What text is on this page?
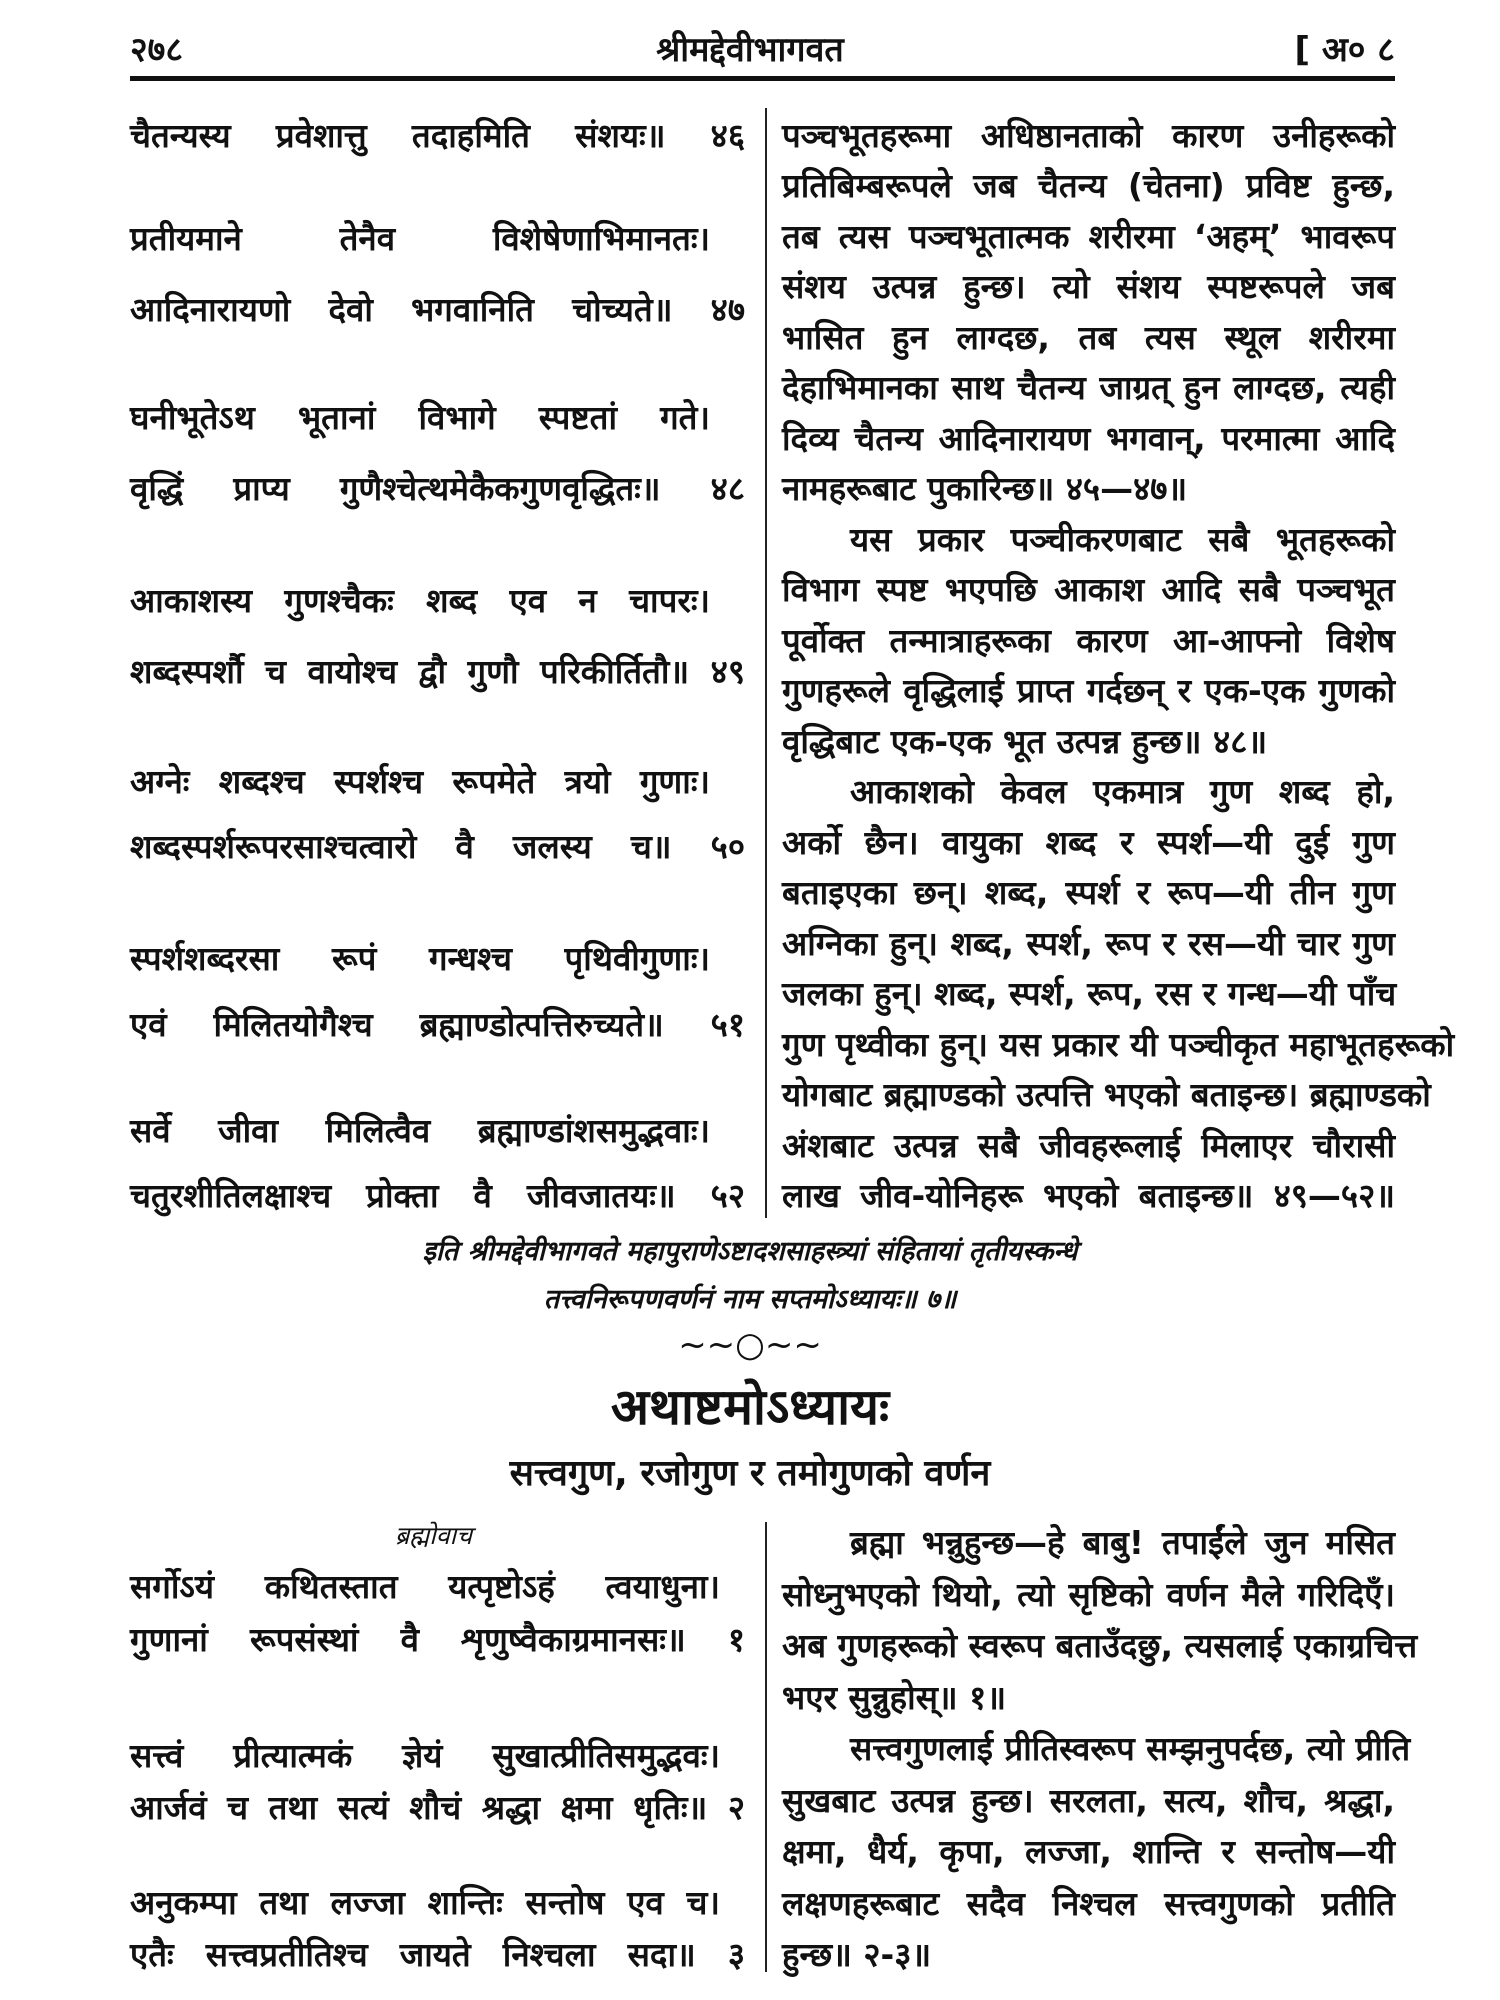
२७८	श्रीमद्देवीभागवत	[ अ० ८
चैतन्यस्य प्रवेशात्तु तदाहमिति संशयः॥ ४६
प्रतीयमाने तेनैव विशेषेणाभिमानतः।
आदिनारायणो देवो भगवानिति चोच्यते॥ ४७
घनीभूतेऽथ भूतानां विभागे स्पष्टतां गते।
वृद्धिं प्राप्य गुणैश्चेत्थमेकैकगुणवृद्धितः॥ ४८
आकाशस्य गुणश्चैकः शब्द एव न चापरः।
शब्दस्पर्शौ च वायोश्च द्वौ गुणौ परिकीर्तितौ॥ ४९
अग्नेः शब्दश्च स्पर्शश्च रूपमेते त्रयो गुणाः।
शब्दस्पर्शरूपरसाश्चत्वारो वै जलस्य च॥ ५०
स्पर्शशब्दरसा रूपं गन्धश्च पृथिवीगुणाः।
एवं मिलितयोगैश्च ब्रह्माण्डोत्पत्तिरुच्यते॥ ५१
सर्वे जीवा मिलित्वैव ब्रह्माण्डांशसमुद्भवाः।
चतुरशीतिलक्षाश्च प्रोक्ता वै जीवजातयः॥ ५२
पञ्चभूतहरूमा अधिष्ठानताको कारण उनीहरूको
प्रतिबिम्बरूपले जब चैतन्य (चेतना) प्रविष्ट हुन्छ,
तब त्यस पञ्चभूतात्मक शरीरमा ‘अहम्’ भावरूप
संशय उत्पन्न हुन्छ। त्यो संशय स्पष्टरूपले जब
भासित हुन लाग्दछ, तब त्यस स्थूल शरीरमा
देहाभिमानका साथ चैतन्य जाग्रत् हुन लाग्दछ, त्यही
दिव्य चैतन्य आदिनारायण भगवान्, परमात्मा आदि
नामहरूबाट पुकारिन्छ॥ ४५—४७॥
यस प्रकार पञ्चीकरणबाट सबै भूतहरूको
विभाग स्पष्ट भएपछि आकाश आदि सबै पञ्चभूत
पूर्वोक्त तन्मात्राहरूका कारण आ-आफ्नो विशेष
गुणहरूले वृद्धिलाई प्राप्त गर्दछन् र एक-एक गुणको
वृद्धिबाट एक-एक भूत उत्पन्न हुन्छ॥ ४८॥
आकाशको केवल एकमात्र गुण शब्द हो,
अर्को छैन। वायुका शब्द र स्पर्श—यी दुई गुण
बताइएका छन्। शब्द, स्पर्श र रूप—यी तीन गुण
अग्निका हुन्। शब्द, स्पर्श, रूप र रस—यी चार गुण
जलका हुन्। शब्द, स्पर्श, रूप, रस र गन्ध—यी पाँच
गुण पृथ्वीका हुन्। यस प्रकार यी पञ्चीकृत महाभूतहरूको
योगबाट ब्रह्माण्डको उत्पत्ति भएको बताइन्छ। ब्रह्माण्डको
अंशबाट उत्पन्न सबै जीवहरूलाई मिलाएर चौरासी
लाख जीव-योनिहरू भएको बताइन्छ॥ ४९—५२॥
इति श्रीमद्देवीभागवते महापुराणेऽष्टादशसाहस्त्र्यां संहितायां तृतीयस्कन्धे
तत्त्वनिरूपणवर्णनं नाम सप्तमोऽध्यायः॥ ७॥
~~○~~
अथाष्टमोऽध्यायः
सत्त्वगुण, रजोगुण र तमोगुणको वर्णन
ब्रह्मोवाच
सर्गोऽयं कथितस्तात यत्पृष्टोऽहं त्वयाधुना।
गुणानां रूपसंस्थां वै शृणुष्वैकाग्रमानसः॥ १
सत्त्वं प्रीत्यात्मकं ज्ञेयं सुखात्प्रीतिसमुद्भवः।
आर्जवं च तथा सत्यं शौचं श्रद्धा क्षमा धृतिः॥ २
अनुकम्पा तथा लज्जा शान्तिः सन्तोष एव च।
एतैः सत्त्वप्रतीतिश्च जायते निश्चला सदा॥ ३
ब्रह्मा भन्नुहुन्छ—हे बाबु! तपाईंले जुन मसित
सोध्नुभएको थियो, त्यो सृष्टिको वर्णन मैले गरिदिएँ।
अब गुणहरूको स्वरूप बताउँदछु, त्यसलाई एकाग्रचित्त
भएर सुन्नुहोस्॥ १॥
सत्त्वगुणलाई प्रीतिस्वरूप सम्झनुपर्दछ, त्यो प्रीति
सुखबाट उत्पन्न हुन्छ। सरलता, सत्य, शौच, श्रद्धा,
क्षमा, धैर्य, कृपा, लज्जा, शान्ति र सन्तोष—यी
लक्षणहरूबाट सदैव निश्चल सत्त्वगुणको प्रतीति
हुन्छ॥ २-३॥
